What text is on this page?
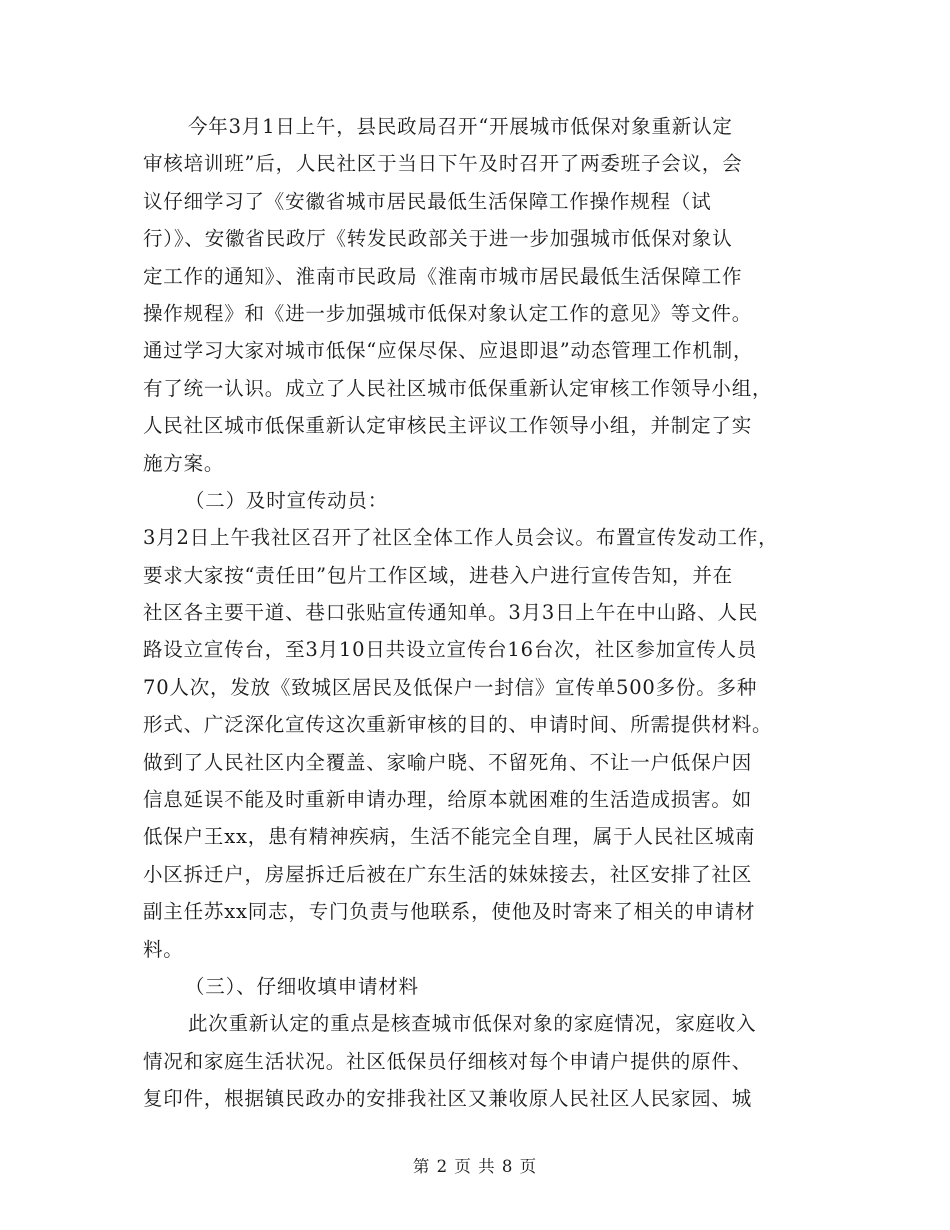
今年3月1日上午，县民政局召开“开展城市低保对象重新认定
审核培训班”后，人民社区于当日下午及时召开了两委班子会议，会
议仔细学习了《安徽省城市居民最低生活保障工作操作规程（试
行）》、安徽省民政厅《转发民政部关于进一步加强城市低保对象认
定工作的通知》、淮南市民政局《淮南市城市居民最低生活保障工作
操作规程》和《进一步加强城市低保对象认定工作的意见》等文件。
通过学习大家对城市低保“应保尽保、应退即退”动态管理工作机制，
有了统一认识。成立了人民社区城市低保重新认定审核工作领导小组，
人民社区城市低保重新认定审核民主评议工作领导小组，并制定了实
施方案。
（二）及时宣传动员：
3月2日上午我社区召开了社区全体工作人员会议。布置宣传发动工作，
要求大家按“责任田”包片工作区域，进巷入户进行宣传告知，并在
社区各主要干道、巷口张贴宣传通知单。3月3日上午在中山路、人民
路设立宣传台，至3月10日共设立宣传台16台次，社区参加宣传人员
70人次，发放《致城区居民及低保户一封信》宣传单500多份。多种
形式、广泛深化宣传这次重新审核的目的、申请时间、所需提供材料。
做到了人民社区内全覆盖、家喻户晓、不留死角、不让一户低保户因
信息延误不能及时重新申请办理，给原本就困难的生活造成损害。如
低保户王xx，患有精神疾病，生活不能完全自理，属于人民社区城南
小区拆迁户，房屋拆迁后被在广东生活的妹妹接去，社区安排了社区
副主任苏xx同志，专门负责与他联系，使他及时寄来了相关的申请材
料。
（三）、仔细收填申请材料
此次重新认定的重点是核查城市低保对象的家庭情况，家庭收入
情况和家庭生活状况。社区低保员仔细核对每个申请户提供的原件、
复印件，根据镇民政办的安排我社区又兼收原人民社区人民家园、城
第 2 页 共 8 页
